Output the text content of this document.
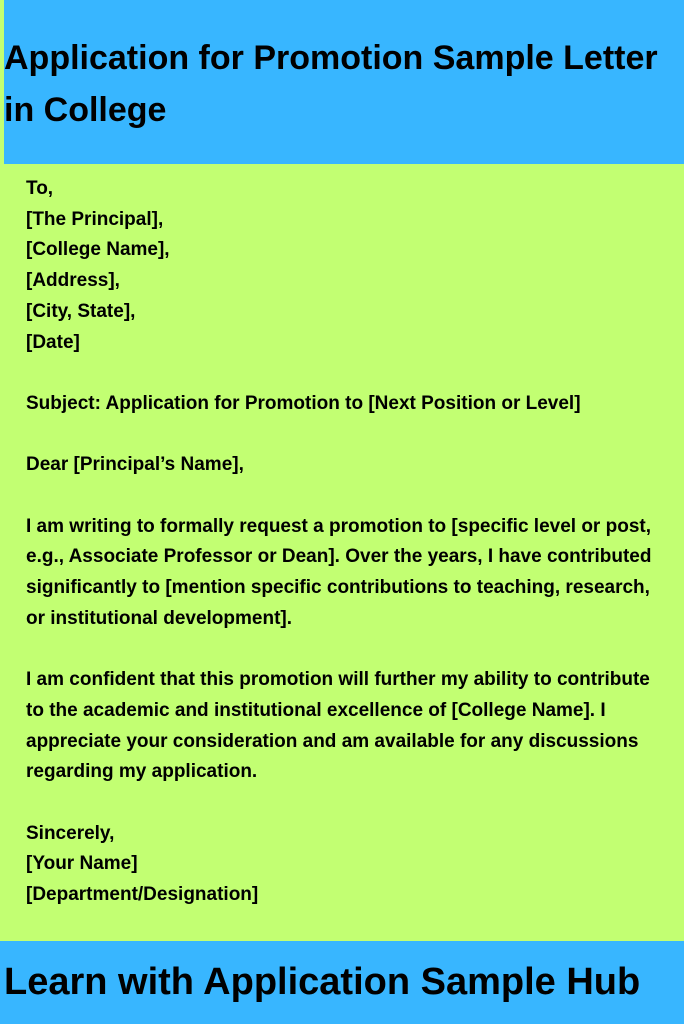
Application for Promotion Sample Letter in College
To,
[The Principal],
[College Name],
[Address],
[City, State],
[Date]
Subject: Application for Promotion to [Next Position or Level]
Dear [Principal’s Name],

I am writing to formally request a promotion to [specific level or post, e.g., Associate Professor or Dean]. Over the years, I have contributed significantly to [mention specific contributions to teaching, research, or institutional development].

I am confident that this promotion will further my ability to contribute to the academic and institutional excellence of [College Name]. I appreciate your consideration and am available for any discussions regarding my application.

Sincerely,
[Your Name]
[Department/Designation]
Learn with Application Sample Hub
